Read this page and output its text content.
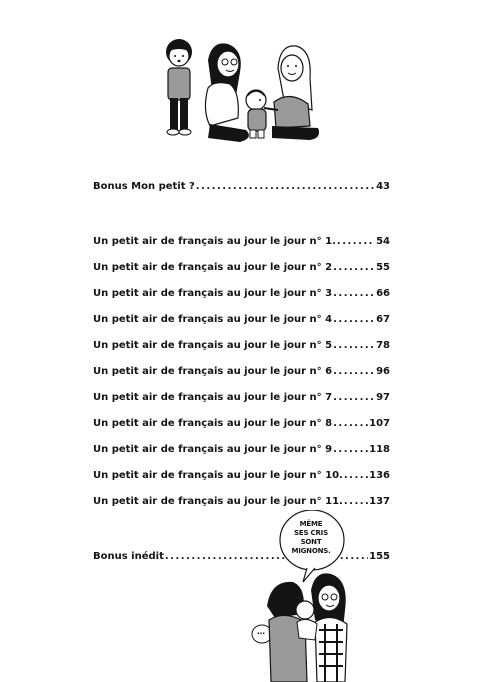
Bonus Mon petit ? .....	43
Un petit air de français au jour le jour n° 1. .....	54
Un petit air de français au jour le jour n° 2 .....	55
Un petit air de français au jour le jour n° 3 .....	66
Un petit air de français au jour le jour n° 4 .....	67
Un petit air de français au jour le jour n° 5 .....	78
Un petit air de français au jour le jour n° 6 .....	96
Un petit air de français au jour le jour n° 7 .....	97
Un petit air de français au jour le jour n° 8 .....	107
Un petit air de français au jour le jour n° 9 .....	118
Un petit air de français au jour le jour n° 10. .....	136
Un petit air de français au jour le jour n° 11. .....	137
Bonus inédit .....	155
MÊME
SES CRIS
SONT
MIGNONS.
…
